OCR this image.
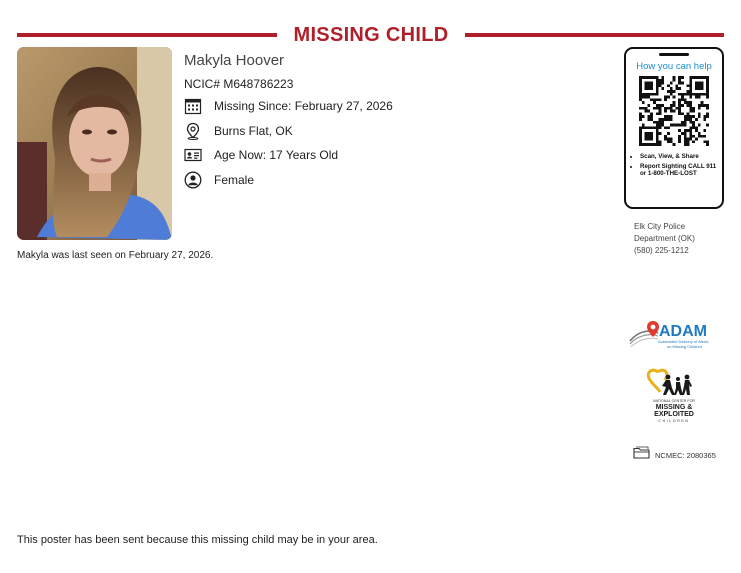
MISSING CHILD
Makyla Hoover
NCIC# M648786223
Missing Since: February 27, 2026
Burns Flat, OK
Age Now: 17 Years Old
Female
Makyla was last seen on February 27, 2026.
How you can help
• Scan, View, & Share
• Report Sighting CALL 911 or 1-800-THE-LOST
Elk City Police
Department (OK)
(580) 225-1212
ADAM
Automated Delivery of Alerts
on Missing Children
NATIONAL CENTER FOR
MISSING &
EXPLOITED
CHILDREN
NCMEC: 2080365
This poster has been sent because this missing child may be in your area.
